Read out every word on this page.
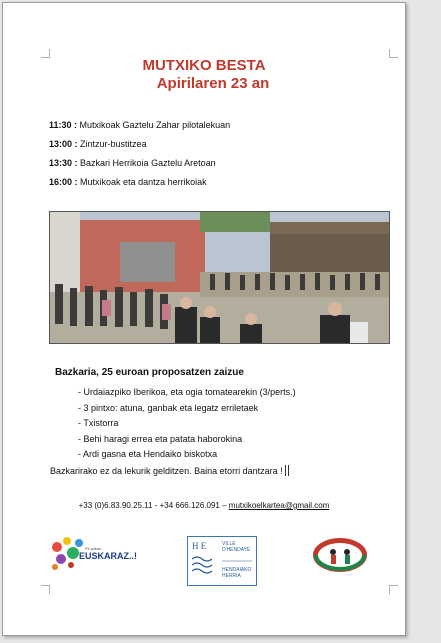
MUTXIKO BESTA
Apirilaren 23 an
11:30 : Mutxikoak Gaztelu Zahar pilotalekuan
13:00 : Zintzur-bustitzea
13:30 : Bazkari Herrikoia Gaztelu Aretoan
16:00 : Mutxikoak eta dantza herrikoiak
Bazkaria, 25 euroan proposatzen zaizue
- Urdaiazpiko Iberikoa, eta ogia tomatearekin (3/perts.)
- 3 pintxo: atuna, ganbak eta legatz erriletaek
- Txistorra
- Behi haragi errea eta patata haborokina
- Ardi gasna eta Hendaiko biskotxa
Bazkarirako ez da lekurik gelditzen. Baina etorri dantzara !
+33 (0)6.83.90.25.11 - +34 666.126.091 – mutxikoelkartea@gmail.com
Pil-pilean
EUSKARAZ..!
H E	VILLE
D'HENDAYE
HENDAIAKO
HERRIA
